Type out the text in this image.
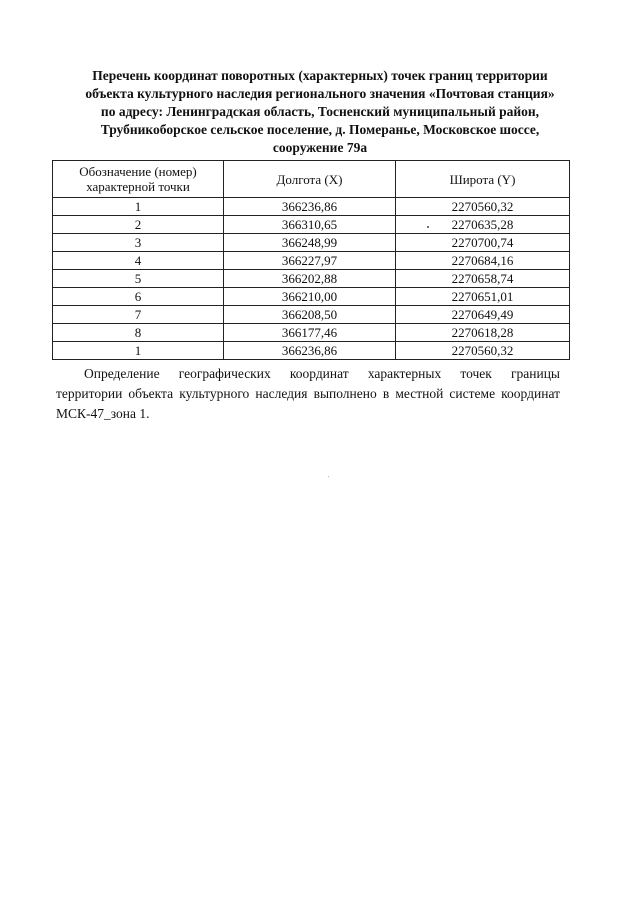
Перечень координат поворотных (характерных) точек границ территории
объекта культурного наследия регионального значения «Почтовая станция»
по адресу: Ленинградская область, Тосненский муниципальный район,
Трубникоборское сельское поселение, д. Померанье, Московское шоссе,
сооружение 79а
Обозначение (номер)
характерной точки	Долгота (X)	Широта (Y)
1	366236,86	2270560,32
2	366310,65	2270635,28
3	366248,99	2270700,74
4	366227,97	2270684,16
5	366202,88	2270658,74
6	366210,00	2270651,01
7	366208,50	2270649,49
8	366177,46	2270618,28
1	366236,86	2270560,32
Определение географических координат характерных точек границы
территории объекта культурного наследия выполнено в местной системе координат МСК-47_зона 1.
